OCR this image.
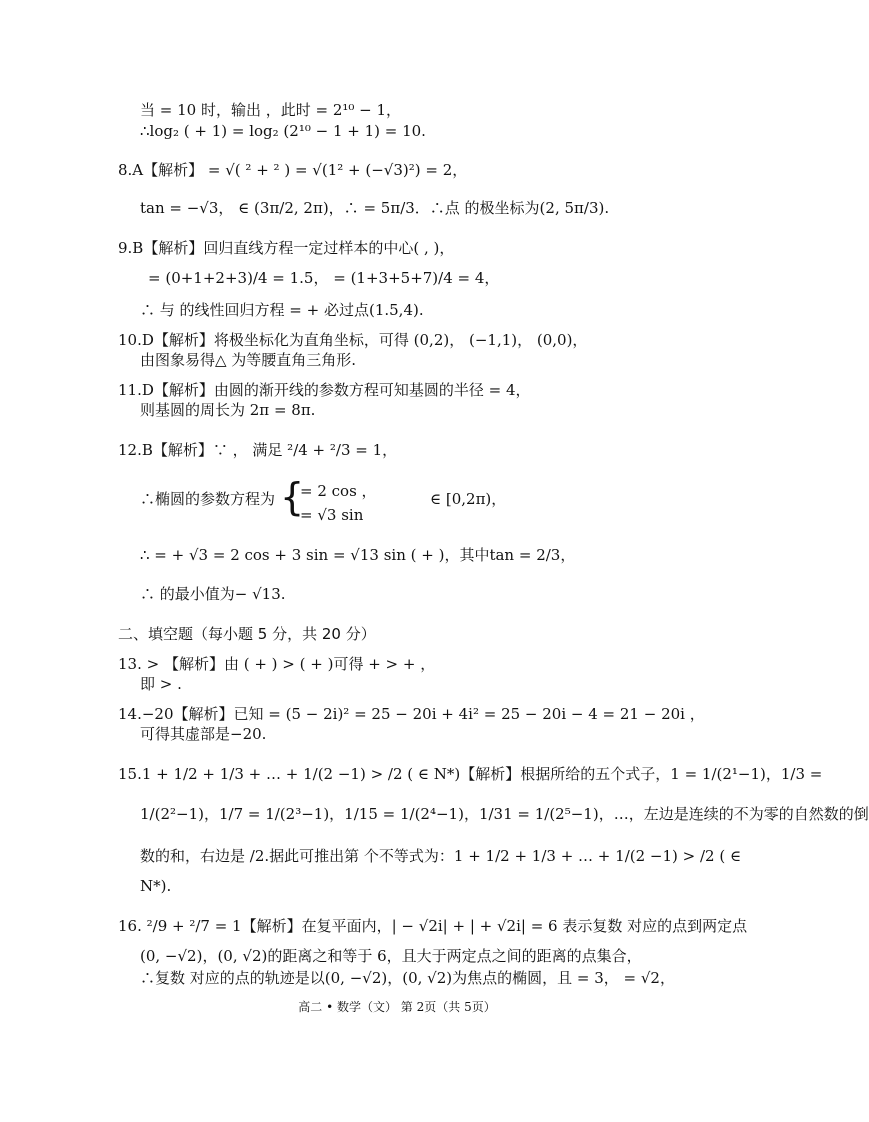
当 = 10 时，输出 ，此时 = 2¹⁰ − 1，
∴log₂ ( + 1) = log₂ (2¹⁰ − 1 + 1) = 10.
8.A【解析】 = √( ² + ² ) = √(1² + (−√3)²) = 2，
tan = −√3， ∈ (3π/2, 2π)，∴ = 5π/3．∴点 的极坐标为(2, 5π/3).
9.B【解析】回归直线方程一定过样本的中心( , )，
= (0+1+2+3)/4 = 1.5， = (1+3+5+7)/4 = 4，
∴ 与 的线性回归方程 = + 必过点(1.5,4).
10.D【解析】将极坐标化为直角坐标，可得 (0,2)， (−1,1)， (0,0)，
由图象易得△ 为等腰直角三角形.
11.D【解析】由圆的渐开线的参数方程可知基圆的半径 = 4，
则基圆的周长为 2π = 8π.
12.B【解析】∵ ， 满足 ²/4 + ²/3 = 1，
∴椭圆的参数方程为 {
= 2 cos ，
= √3 sin
∈ [0,2π)，
∴ = + √3 = 2 cos + 3 sin = √13 sin ( + )，其中tan = 2/3，
∴ 的最小值为− √13.
二、填空题（每小题 5 分，共 20 分）
13. > 【解析】由 ( + ) > ( + )可得 + > + ，
即 > .
14.−20【解析】已知 = (5 − 2i)² = 25 − 20i + 4i² = 25 − 20i − 4 = 21 − 20i ，
可得其虚部是−20.
15.1 + 1/2 + 1/3 + … + 1/(2 −1) > /2 ( ∈ N*)【解析】根据所给的五个式子，1 = 1/(2¹−1)，1/3 =
1/(2²−1)，1/7 = 1/(2³−1)，1/15 = 1/(2⁴−1)，1/31 = 1/(2⁵−1)，…，左边是连续的不为零的自然数的倒
数的和，右边是 /2.据此可推出第 个不等式为：1 + 1/2 + 1/3 + … + 1/(2 −1) > /2 ( ∈
N*).
16. ²/9 + ²/7 = 1【解析】在复平面内，| − √2i| + | + √2i| = 6 表示复数 对应的点到两定点
(0, −√2)，(0, √2)的距离之和等于 6，且大于两定点之间的距离的点集合，
∴复数 对应的点的轨迹是以(0, −√2)，(0, √2)为焦点的椭圆，且 = 3， = √2，
高二 • 数学（文） 第 2页（共 5页）
